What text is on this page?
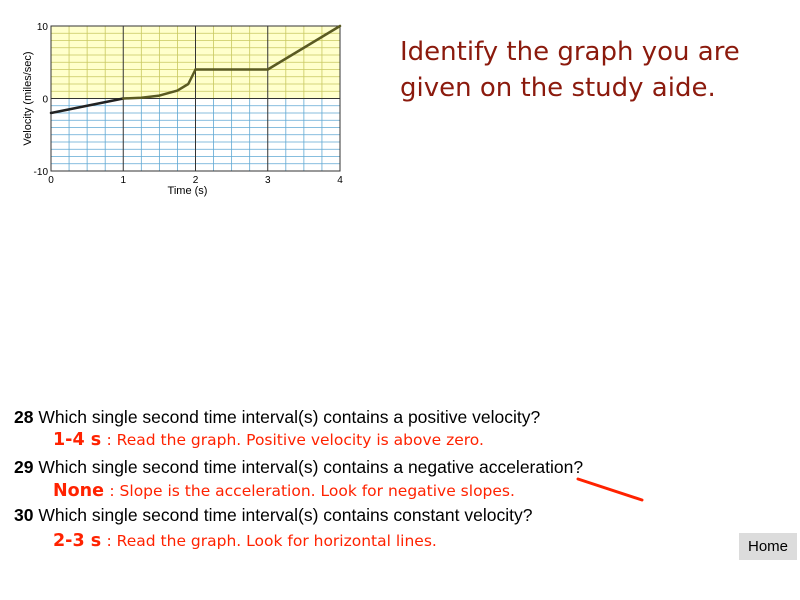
0	1	2	3	4
10
0
-10
Time (s)
Velocity (miles/sec)	Identify the graph you are
given on the study aide.
28 Which single second time interval(s) contains a positive velocity?
1-4 s : Read the graph. Positive velocity is above zero.
29 Which single second time interval(s) contains a negative acceleration?
None : Slope is the acceleration. Look for negative slopes.
30 Which single second time interval(s) contains constant velocity?
2-3 s : Read the graph. Look for horizontal lines.	Home
